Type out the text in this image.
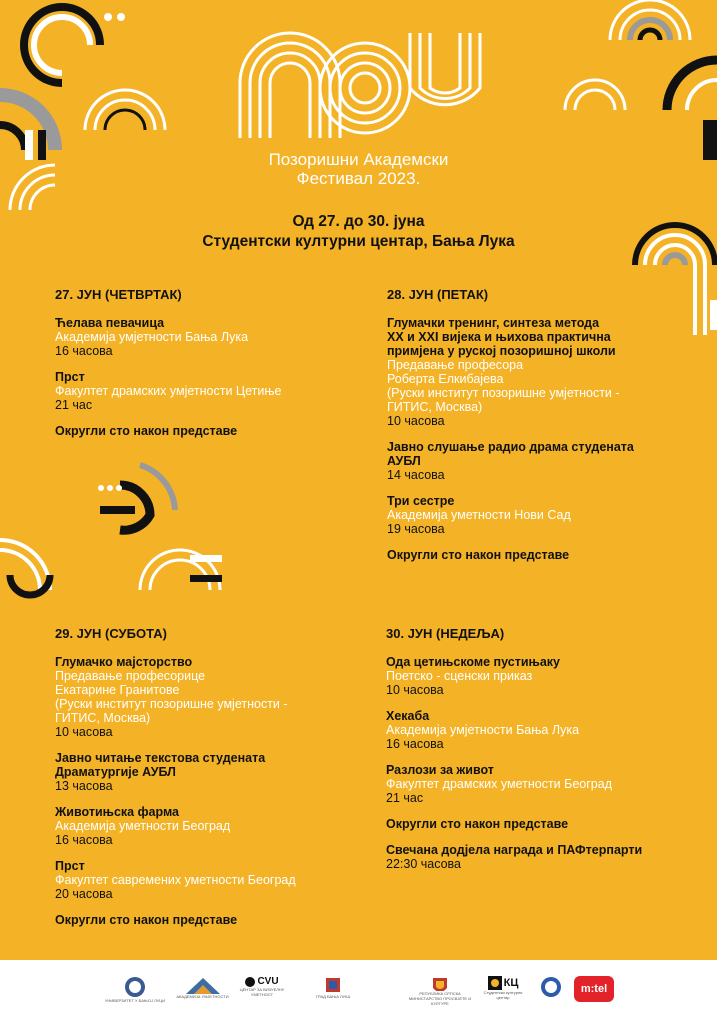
Позоришни Академски
Фестивал 2023.
Од 27. до 30. јуна
Студентски културни центар, Бања Лука
27. ЈУН (ЧЕТВРТАК)
Ћелава певачица
Академија умјетности Бања Лука
16 часова
Прст
Факултет драмских умјетности Цетиње
21 час
Округли сто након представе
28. ЈУН (ПЕТАК)
Глумачки тренинг, синтеза метода
XX и XXI вијека и њихова практична
примјена у руској позоришној школи
Предавање професора
Роберта Елкибајева
(Руски институт позоришне умјетности -
ГИТИС, Москва)
10 часова
Јавно слушање радио драма студената
АУБЛ
14 часова
Три сестре
Академија уметности Нови Сад
19 часова
Округли сто након представе
29. ЈУН (СУБОТА)
Глумачко мајсторство
Предавање професорице
Екатарине Гранитове
(Руски институт позоришне умјетности -
ГИТИС, Москва)
10 часова
Јавно читање текстова студената
Драматургије АУБЛ
13 часова
Животињска фарма
Академија уметности Београд
16 часова
Прст
Факултет савремених уметности Београд
20 часова
Округли сто након представе
30. ЈУН (НЕДЕЉА)
Ода цетињскоме пустињаку
Поетско - сценски приказ
10 часова
Хекаба
Академија умјетности Бања Лука
16 часова
Разлози за живот
Факултет драмских уметности Београд
21 час
Округли сто након представе
Свечана додјела награда и ПАФтерпарти
22:30 часова
УНИВЕРЗИТЕТ У БАЊОЈ ЛУЦИ
АКАДЕМИЈА УМЈЕТНОСТИ
CVU
ЦЕНТАР ЗА ВИЗУЕЛНУ УМЕТНОСТ	ГРАД БАЊА ЛУКА
РЕПУБЛИКА СРПСКА МИНИСТАРСТВО ПРОСВЈЕТЕ И КУЛТУРЕ
КЦ
Студентски културни центар
m:tel
